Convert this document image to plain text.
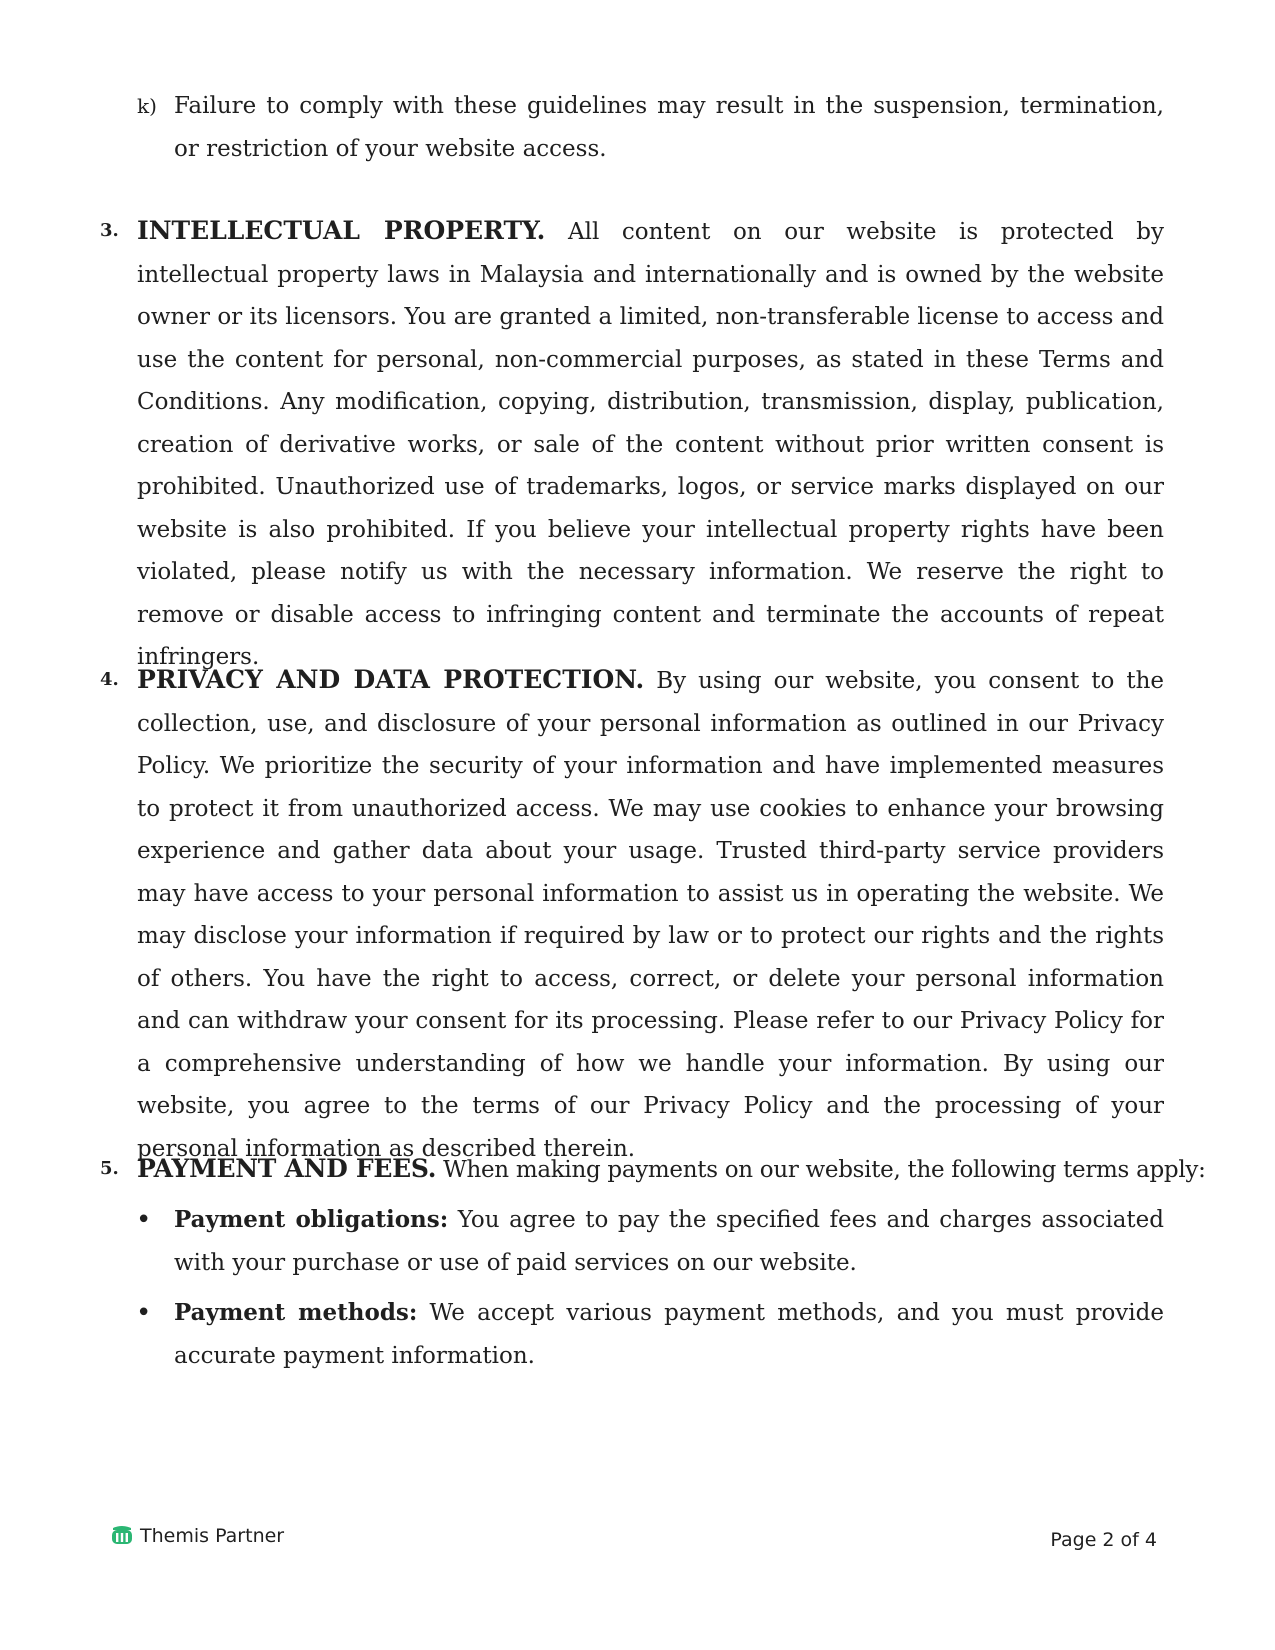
k) Failure to comply with these guidelines may result in the suspension, termination, or restriction of your website access.

3. INTELLECTUAL PROPERTY. All content on our website is protected by intellectual property laws in Malaysia and internationally and is owned by the website owner or its licensors. You are granted a limited, non-transferable license to access and use the content for personal, non-commercial purposes, as stated in these Terms and Conditions. Any modification, copying, distribution, transmission, display, publication, creation of derivative works, or sale of the content without prior written consent is prohibited. Unauthorized use of trademarks, logos, or service marks displayed on our website is also prohibited. If you believe your intellectual property rights have been violated, please notify us with the necessary information. We reserve the right to remove or disable access to infringing content and terminate the accounts of repeat infringers.

4. PRIVACY AND DATA PROTECTION. By using our website, you consent to the collection, use, and disclosure of your personal information as outlined in our Privacy Policy. We prioritize the security of your information and have implemented measures to protect it from unauthorized access. We may use cookies to enhance your browsing experience and gather data about your usage. Trusted third-party service providers may have access to your personal information to assist us in operating the website. We may disclose your information if required by law or to protect our rights and the rights of others. You have the right to access, correct, or delete your personal information and can withdraw your consent for its processing. Please refer to our Privacy Policy for a comprehensive understanding of how we handle your information. By using our website, you agree to the terms of our Privacy Policy and the processing of your personal information as described therein.

5. PAYMENT AND FEES. When making payments on our website, the following terms apply:

• Payment obligations: You agree to pay the specified fees and charges associated with your purchase or use of paid services on our website.

• Payment methods: We accept various payment methods, and you must provide accurate payment information.

Themis Partner	Page 2 of 4
